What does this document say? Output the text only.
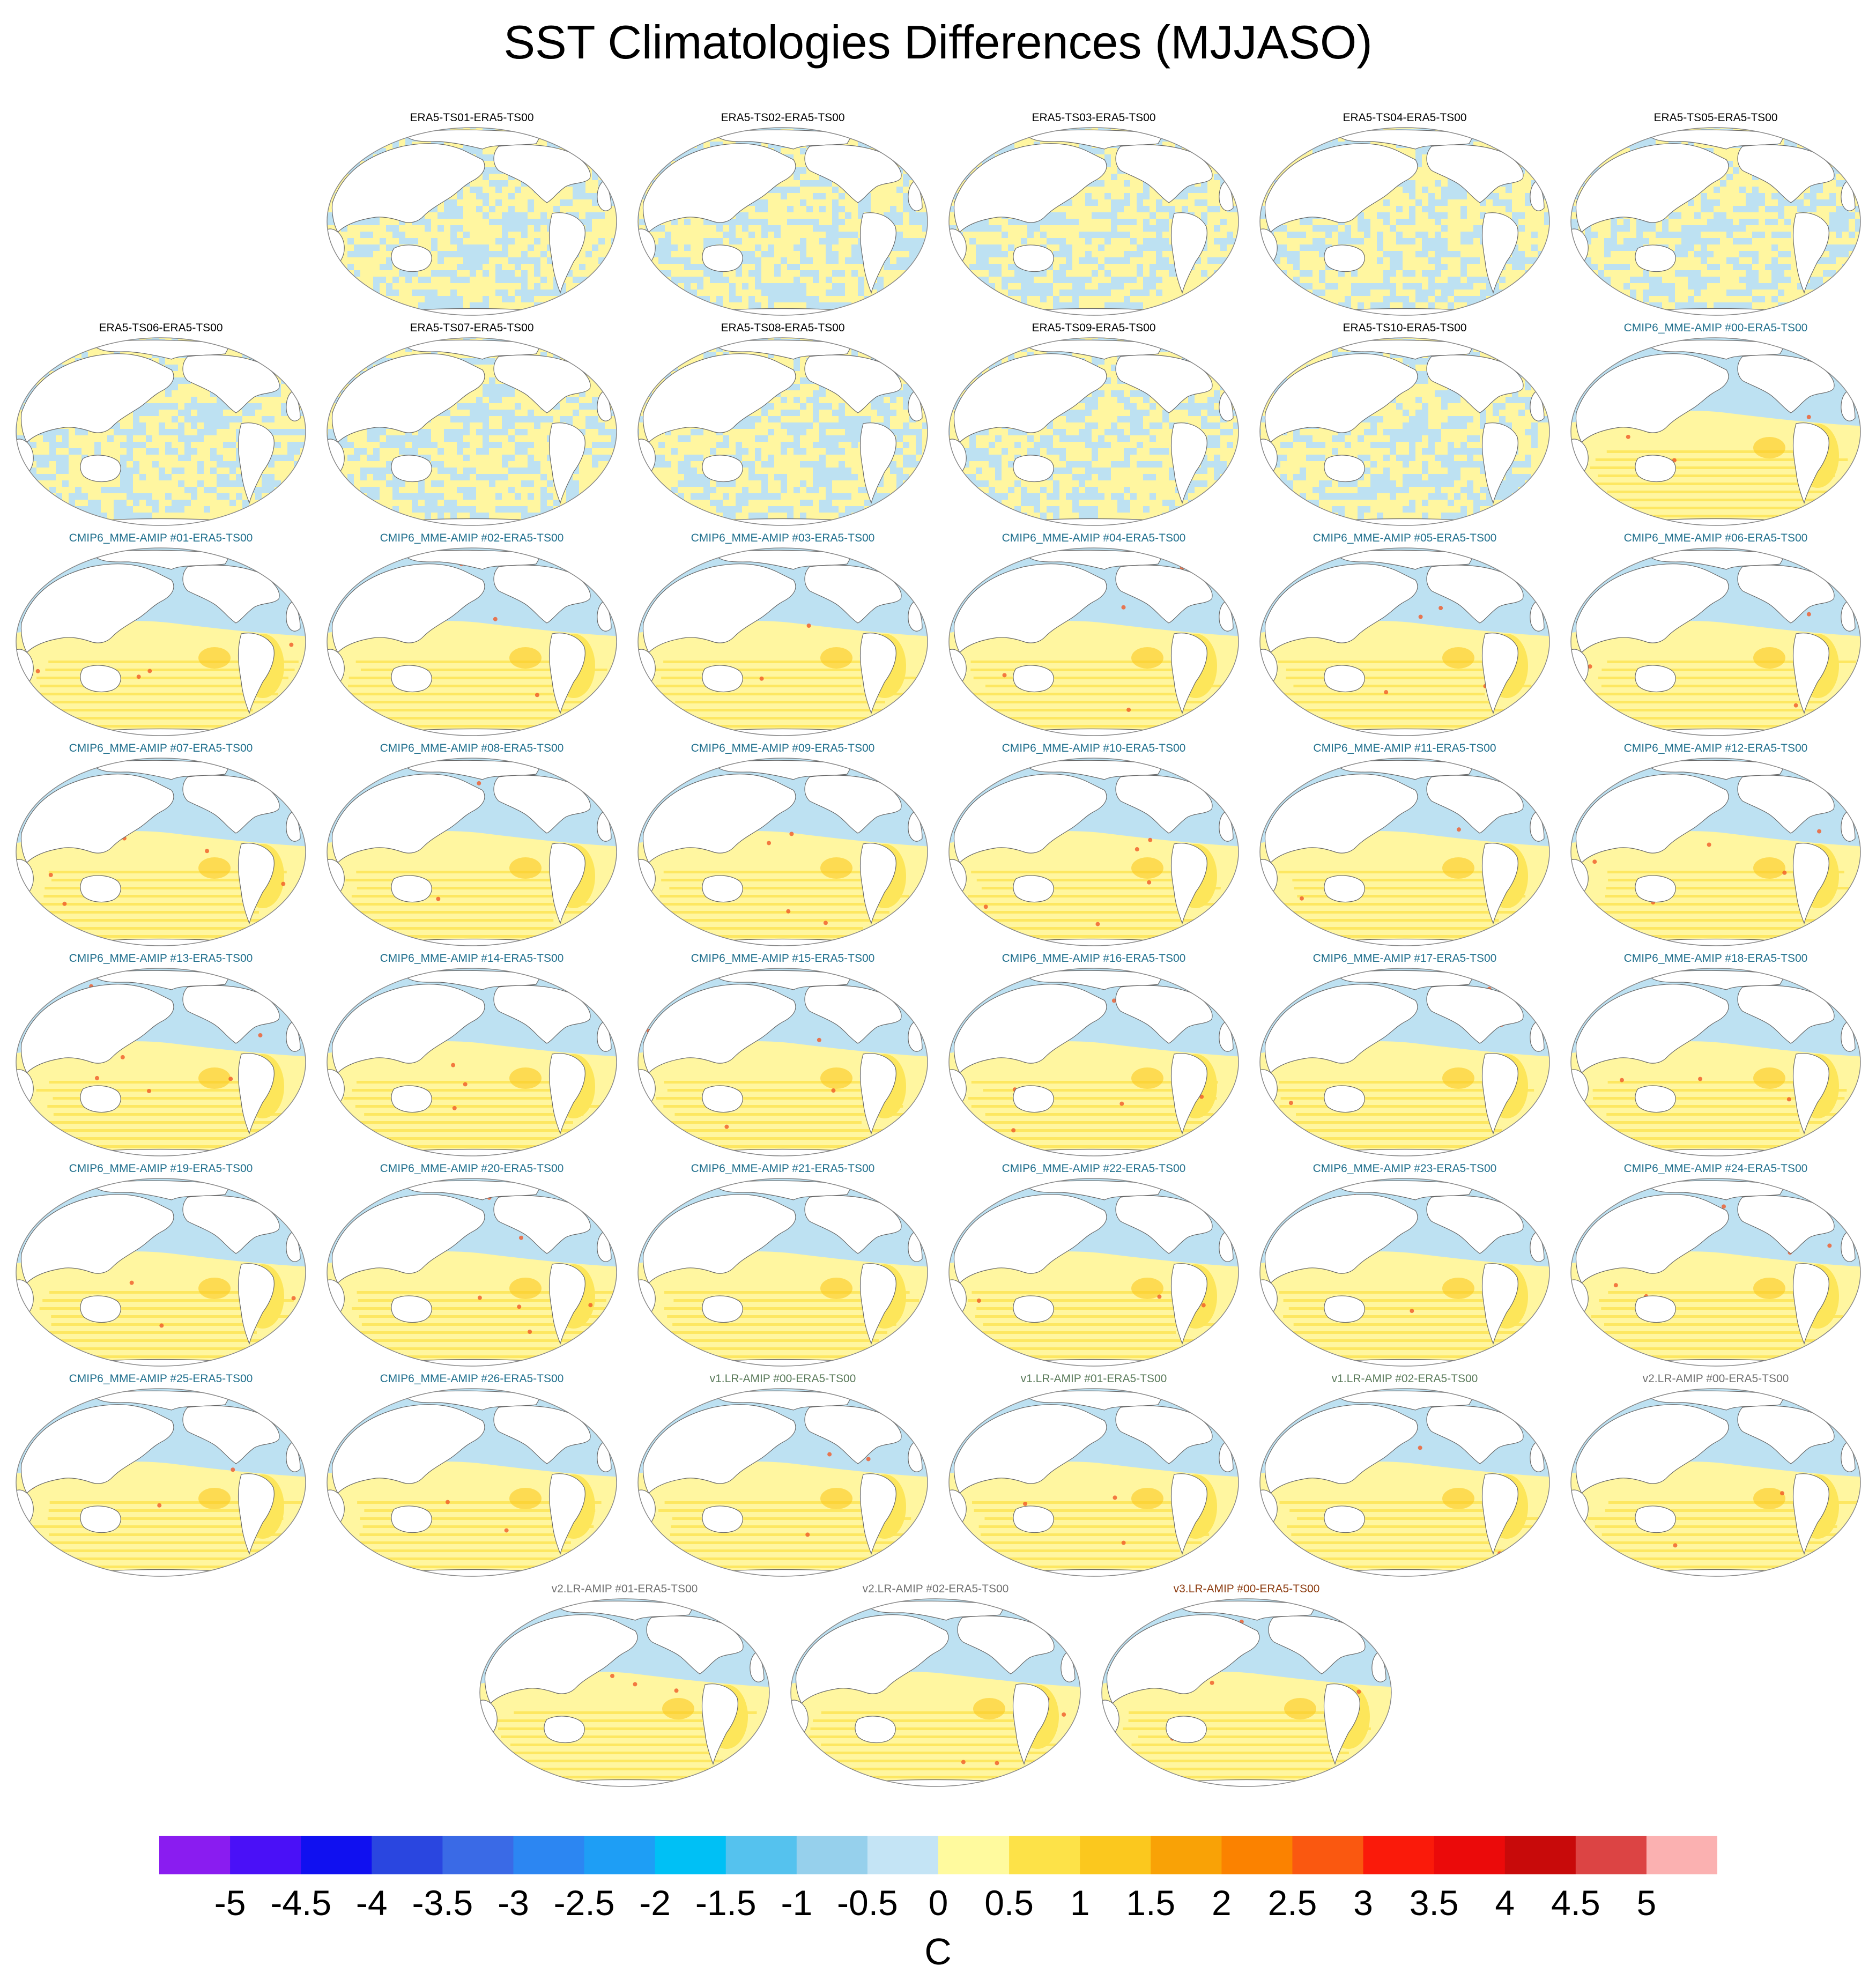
SST Climatologies Differences (MJJASO)
ERA5-TS01-ERA5-TS00	ERA5-TS02-ERA5-TS00	ERA5-TS03-ERA5-TS00	ERA5-TS04-ERA5-TS00	ERA5-TS05-ERA5-TS00
ERA5-TS06-ERA5-TS00	ERA5-TS07-ERA5-TS00	ERA5-TS08-ERA5-TS00	ERA5-TS09-ERA5-TS00	ERA5-TS10-ERA5-TS00	CMIP6_MME-AMIP #00-ERA5-TS00
CMIP6_MME-AMIP #01-ERA5-TS00	CMIP6_MME-AMIP #02-ERA5-TS00	CMIP6_MME-AMIP #03-ERA5-TS00	CMIP6_MME-AMIP #04-ERA5-TS00	CMIP6_MME-AMIP #05-ERA5-TS00	CMIP6_MME-AMIP #06-ERA5-TS00
CMIP6_MME-AMIP #07-ERA5-TS00	CMIP6_MME-AMIP #08-ERA5-TS00	CMIP6_MME-AMIP #09-ERA5-TS00	CMIP6_MME-AMIP #10-ERA5-TS00	CMIP6_MME-AMIP #11-ERA5-TS00	CMIP6_MME-AMIP #12-ERA5-TS00
CMIP6_MME-AMIP #13-ERA5-TS00	CMIP6_MME-AMIP #14-ERA5-TS00	CMIP6_MME-AMIP #15-ERA5-TS00	CMIP6_MME-AMIP #16-ERA5-TS00	CMIP6_MME-AMIP #17-ERA5-TS00	CMIP6_MME-AMIP #18-ERA5-TS00
CMIP6_MME-AMIP #19-ERA5-TS00	CMIP6_MME-AMIP #20-ERA5-TS00	CMIP6_MME-AMIP #21-ERA5-TS00	CMIP6_MME-AMIP #22-ERA5-TS00	CMIP6_MME-AMIP #23-ERA5-TS00	CMIP6_MME-AMIP #24-ERA5-TS00
CMIP6_MME-AMIP #25-ERA5-TS00	CMIP6_MME-AMIP #26-ERA5-TS00	v1.LR-AMIP #00-ERA5-TS00	v1.LR-AMIP #01-ERA5-TS00	v1.LR-AMIP #02-ERA5-TS00	v2.LR-AMIP #00-ERA5-TS00
v2.LR-AMIP #01-ERA5-TS00	v2.LR-AMIP #02-ERA5-TS00	v3.LR-AMIP #00-ERA5-TS00
-5 -4.5 -4 -3.5 -3 -2.5 -2 -1.5 -1 -0.5 0 0.5 1 1.5 2 2.5 3 3.5 4 4.5 5
C
